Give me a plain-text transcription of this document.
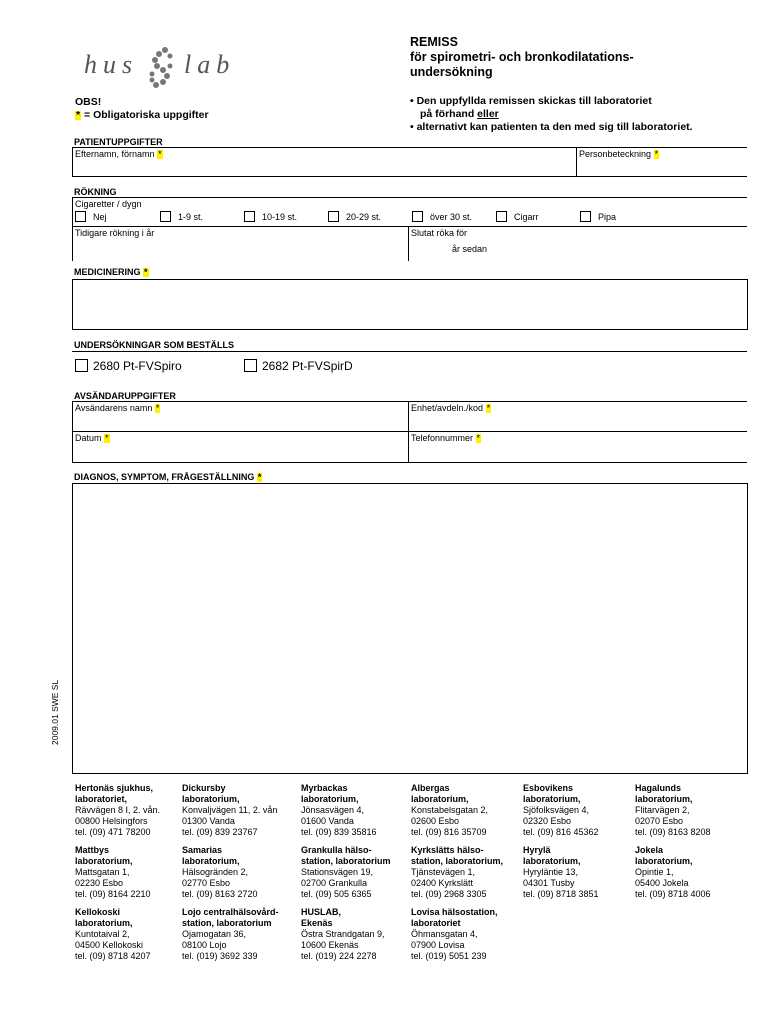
hus lab
REMISS
för spirometri- och bronkodilatations-
undersökning
OBS!
* = Obligatoriska uppgifter
• Den uppfyllda remissen skickas till laboratoriet
på förhand eller
• alternativt kan patienten ta den med sig till laboratoriet.
PATIENTUPPGIFTER
Efternamn, förnamn *	Personbeteckning *
RÖKNING
Cigaretter / dygn
Nej	1-9 st.	10-19 st.	20-29 st.	över 30 st.	Cigarr	Pipa
Tidigare rökning i år	Slutat röka för
år sedan
MEDICINERING *
UNDERSÖKNINGAR SOM BESTÄLLS
2680 Pt-FVSpiro	2682 Pt-FVSpirD
AVSÄNDARUPPGIFTER
Avsändarens namn *	Enhet/avdeln./kod *
Datum *	Telefonnummer *
DIAGNOS, SYMPTOM, FRÅGESTÄLLNING *
2009.01 SWE SL
Hertonäs sjukhus,
laboratoriet,
Rävvägen 8 I, 2. vån.
00800 Helsingfors
tel. (09) 471 78200
Dickursby
laboratorium,
Konvaljvägen 11, 2. vån
01300 Vanda
tel. (09) 839 23767
Myrbackas
laboratorium,
Jönsasvägen 4,
01600 Vanda
tel. (09) 839 35816
Albergas
laboratorium,
Konstabelsgatan 2,
02600 Esbo
tel. (09) 816 35709
Esbovikens
laboratorium,
Sjöfolksvägen 4,
02320 Esbo
tel. (09) 816 45362
Hagalunds
laboratorium,
Flitarvägen 2,
02070 Esbo
tel. (09) 8163 8208
Mattbys
laboratorium,
Mattsgatan 1,
02230 Esbo
tel. (09) 8164 2210
Samarias
laboratorium,
Hälsogränden 2,
02770 Esbo
tel. (09) 8163 2720
Grankulla hälso-
station, laboratorium
Stationsvägen 19,
02700 Grankulla
tel. (09) 505 6365
Kyrkslätts hälso-
station, laboratorium,
Tjänstevägen 1,
02400 Kyrkslätt
tel. (09) 2968 3305
Hyrylä
laboratorium,
Hyryläntie 13,
04301 Tusby
tel. (09) 8718 3851
Jokela
laboratorium,
Opintie 1,
05400 Jokela
tel. (09) 8718 4006
Kellokoski
laboratorium,
Kuntotaival 2,
04500 Kellokoski
tel. (09) 8718 4207
Lojo centralhälsovård-
station, laboratorium
Ojamogatan 36,
08100 Lojo
tel. (019) 3692 339
HUSLAB,
Ekenäs
Östra Strandgatan 9,
10600 Ekenäs
tel. (019) 224 2278
Lovisa hälsostation,
laboratoriet
Öhmansgatan 4,
07900 Lovisa
tel. (019) 5051 239
